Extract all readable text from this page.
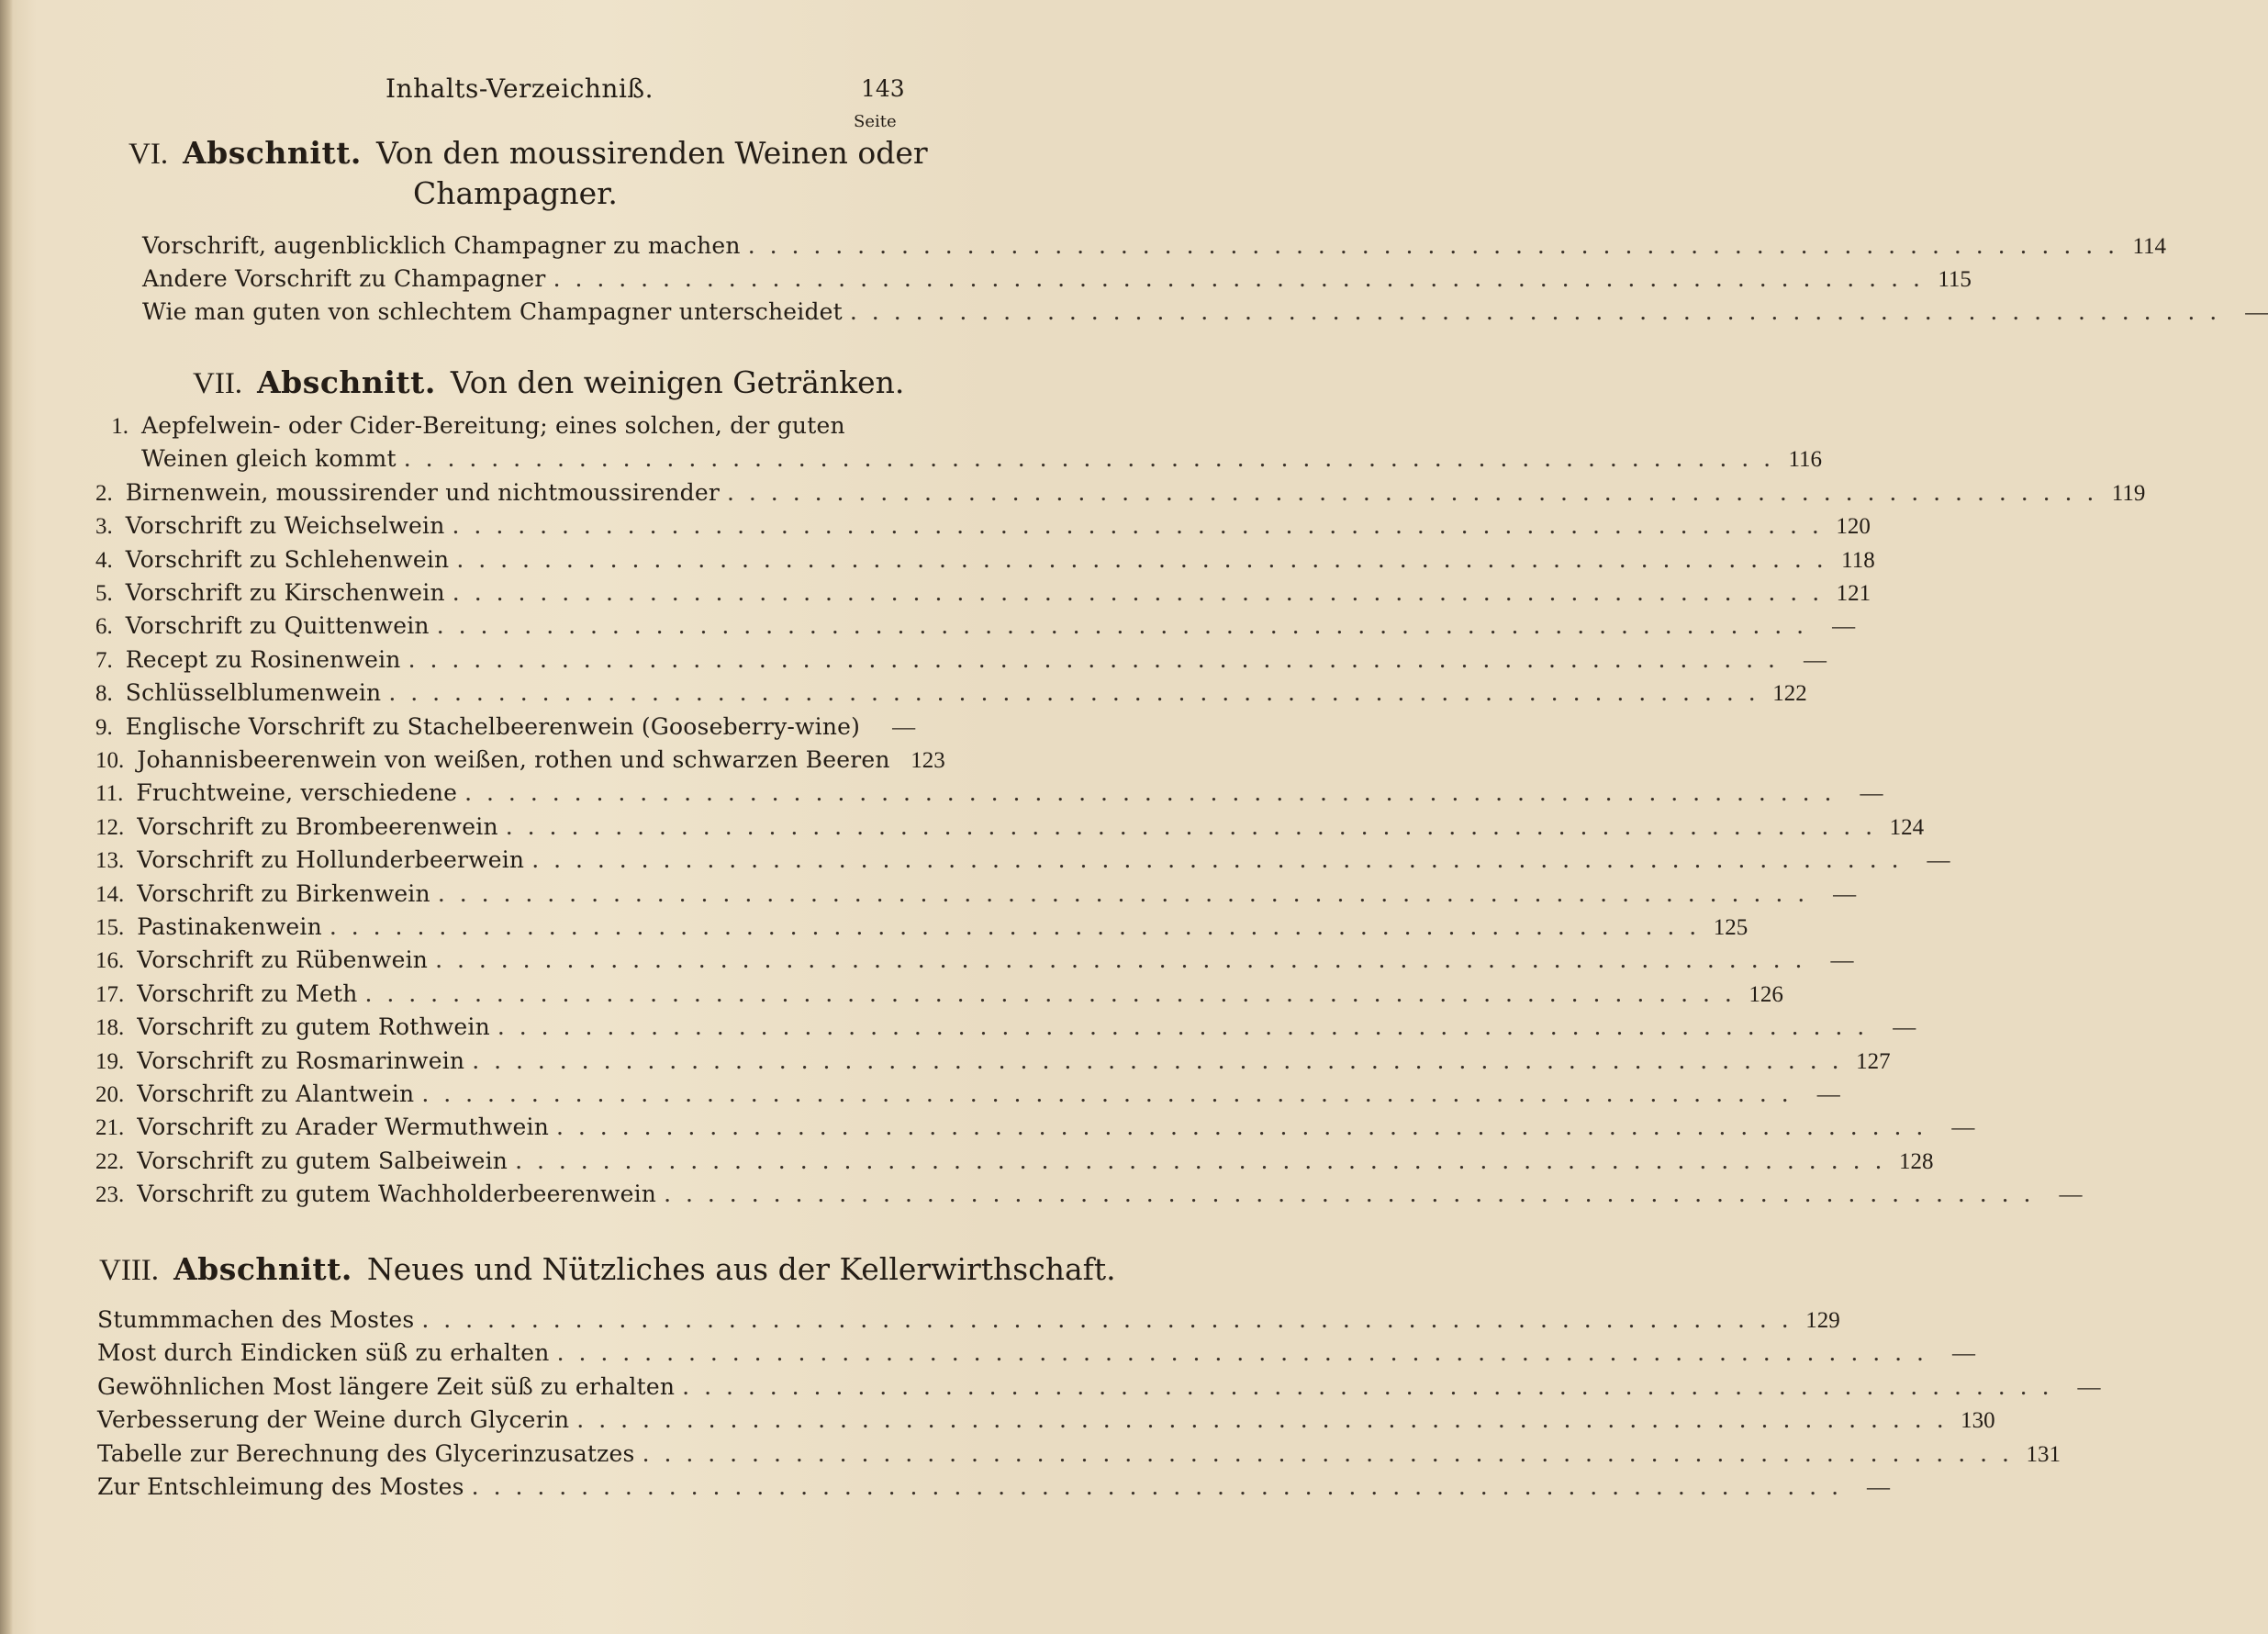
Inhalts-Verzeichniß.	143
Seite
VI. Abschnitt. Von den moussirenden Weinen oder
Champagner.
Vorschrift, augenblicklich Champagner zu machen . . .	114
Andere Vorschrift zu Champagner . . .	115
Wie man guten von schlechtem Champagner unterscheidet . . .	—
VII. Abschnitt. Von den weinigen Getränken.
1. Aepfelwein- oder Cider-Bereitung; eines solchen, der guten
Weinen gleich kommt . . .	116
2. Birnenwein, moussirender und nichtmoussirender . . .	119
3. Vorschrift zu Weichselwein . . .	120
4. Vorschrift zu Schlehenwein . . .	118
5. Vorschrift zu Kirschenwein . . .	121
6. Vorschrift zu Quittenwein . . .	—
7. Recept zu Rosinenwein . . .	—
8. Schlüsselblumenwein . . .	122
9. Englische Vorschrift zu Stachelbeerenwein (Gooseberry-wine)	—
10. Johannisbeerenwein von weißen, rothen und schwarzen Beeren 123
11. Fruchtweine, verschiedene . . .	—
12. Vorschrift zu Brombeerenwein . . .	124
13. Vorschrift zu Hollunderbeerwein . . .	—
14. Vorschrift zu Birkenwein . . .	—
15. Pastinakenwein . . .	125
16. Vorschrift zu Rübenwein . . .	—
17. Vorschrift zu Meth . . .	126
18. Vorschrift zu gutem Rothwein . . .	—
19. Vorschrift zu Rosmarinwein . . .	127
20. Vorschrift zu Alantwein . . .	—
21. Vorschrift zu Arader Wermuthwein . . .	—
22. Vorschrift zu gutem Salbeiwein . . .	128
23. Vorschrift zu gutem Wachholderbeerenwein . . .	—
VIII. Abschnitt. Neues und Nützliches aus der Kellerwirthschaft.
Stummmachen des Mostes . . .	129
Most durch Eindicken süß zu erhalten . . .	—
Gewöhnlichen Most längere Zeit süß zu erhalten . . .	—
Verbesserung der Weine durch Glycerin . . .	130
Tabelle zur Berechnung des Glycerinzusatzes . . .	131
Zur Entschleimung des Mostes . . .	—
